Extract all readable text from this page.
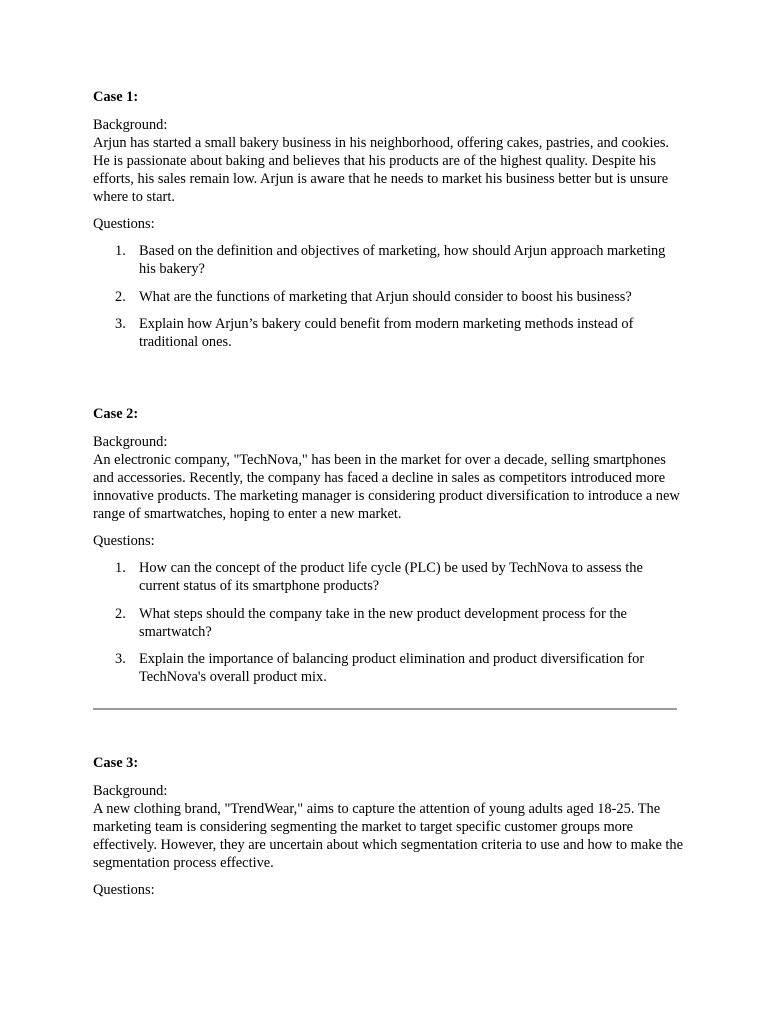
Case 1:

Background:

Arjun has started a small bakery business in his neighborhood, offering cakes, pastries, and cookies. He is passionate about baking and believes that his products are of the highest quality. Despite his efforts, his sales remain low. Arjun is aware that he needs to market his business better but is unsure where to start.

Questions:

1. Based on the definition and objectives of marketing, how should Arjun approach marketing his bakery?
2. What are the functions of marketing that Arjun should consider to boost his business?
3. Explain how Arjun’s bakery could benefit from modern marketing methods instead of traditional ones.

Case 2:

Background:

An electronic company, "TechNova," has been in the market for over a decade, selling smartphones and accessories. Recently, the company has faced a decline in sales as competitors introduced more innovative products. The marketing manager is considering product diversification to introduce a new range of smartwatches, hoping to enter a new market.

Questions:

1. How can the concept of the product life cycle (PLC) be used by TechNova to assess the current status of its smartphone products?
2. What steps should the company take in the new product development process for the smartwatch?
3. Explain the importance of balancing product elimination and product diversification for TechNova's overall product mix.

Case 3:

Background:

A new clothing brand, "TrendWear," aims to capture the attention of young adults aged 18-25. The marketing team is considering segmenting the market to target specific customer groups more effectively. However, they are uncertain about which segmentation criteria to use and how to make the segmentation process effective.

Questions:
